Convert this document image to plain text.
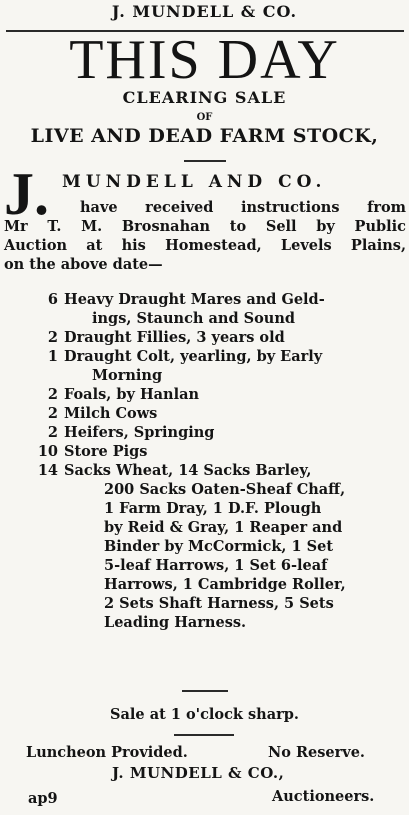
J. MUNDELL & CO.
THIS DAY
CLEARING SALE
OF
LIVE AND DEAD FARM STOCK,
J. MUNDELL AND CO.
have received instructions from
Mr T. M. Brosnahan to Sell by Public
Auction at his Homestead, Levels Plains,
on the above date—
6 Heavy Draught Mares and Geld-
ings, Staunch and Sound
2 Draught Fillies, 3 years old
1 Draught Colt, yearling, by Early
Morning
2 Foals, by Hanlan
2 Milch Cows
2 Heifers, Springing
10 Store Pigs
14 Sacks Wheat, 14 Sacks Barley,
200 Sacks Oaten-Sheaf Chaff,
1 Farm Dray, 1 D.F. Plough
by Reid & Gray, 1 Reaper and
Binder by McCormick, 1 Set
5-leaf Harrows, 1 Set 6-leaf
Harrows, 1 Cambridge Roller,
2 Sets Shaft Harness, 5 Sets
Leading Harness.
Sale at 1 o'clock sharp.
Luncheon Provided.	No Reserve.
J. MUNDELL & CO.,
ap9	Auctioneers.
